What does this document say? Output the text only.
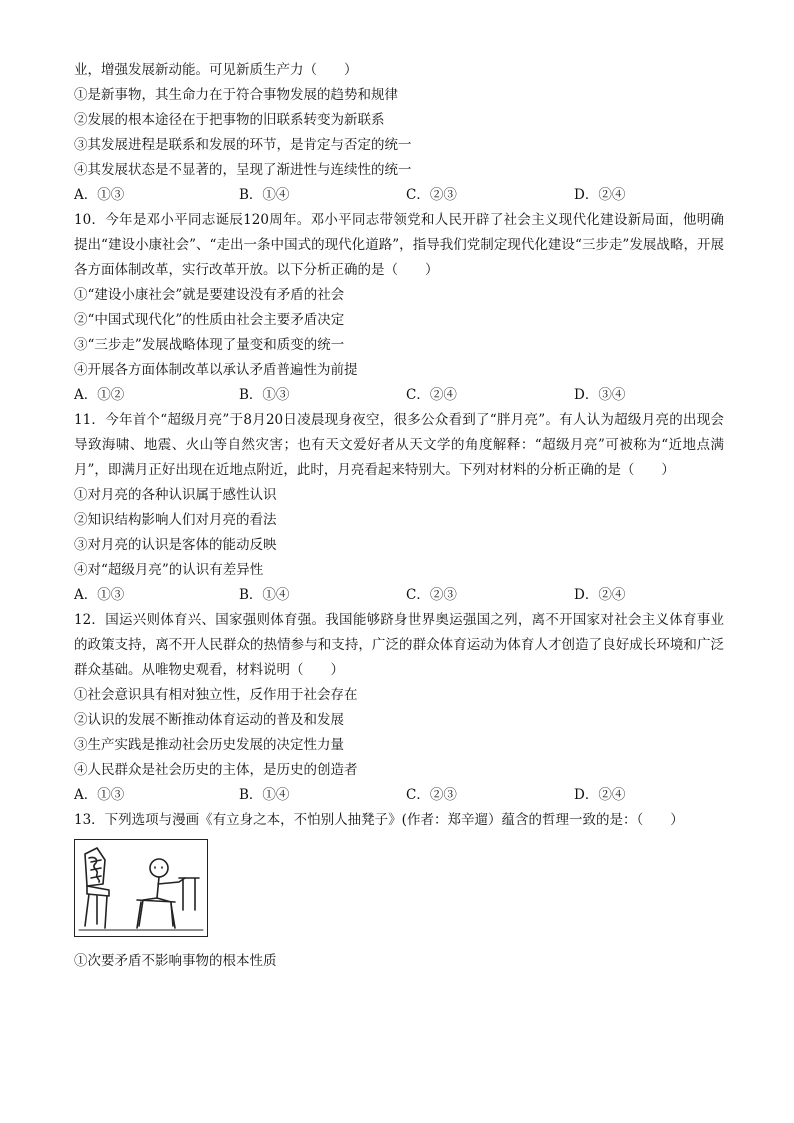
业，增强发展新动能。可见新质生产力（　　）
①是新事物，其生命力在于符合事物发展的趋势和规律
②发展的根本途径在于把事物的旧联系转变为新联系
③其发展进程是联系和发展的环节，是肯定与否定的统一
④其发展状态是不显著的，呈现了渐进性与连续性的统一
A．①③	B．①④	C．②③	D．②④
10．今年是邓小平同志诞辰120周年。邓小平同志带领党和人民开辟了社会主义现代化建设新局面，他明确提出“建设小康社会”、“走出一条中国式的现代化道路”，指导我们党制定现代化建设“三步走”发展战略，开展各方面体制改革，实行改革开放。以下分析正确的是（　　）
①“建设小康社会”就是要建设没有矛盾的社会
②“中国式现代化”的性质由社会主要矛盾决定
③“三步走”发展战略体现了量变和质变的统一
④开展各方面体制改革以承认矛盾普遍性为前提
A．①②	B．①③	C．②④	D．③④
11．今年首个“超级月亮”于8月20日凌晨现身夜空，很多公众看到了“胖月亮”。有人认为超级月亮的出现会导致海啸、地震、火山等自然灾害；也有天文爱好者从天文学的角度解释：“超级月亮”可被称为“近地点满月”，即满月正好出现在近地点附近，此时，月亮看起来特别大。下列对材料的分析正确的是（　　）
①对月亮的各种认识属于感性认识
②知识结构影响人们对月亮的看法
③对月亮的认识是客体的能动反映
④对“超级月亮”的认识有差异性
A．①③	B．①④	C．②③	D．②④
12．国运兴则体育兴、国家强则体育强。我国能够跻身世界奥运强国之列，离不开国家对社会主义体育事业的政策支持，离不开人民群众的热情参与和支持，广泛的群众体育运动为体育人才创造了良好成长环境和广泛群众基础。从唯物史观看，材料说明（　　）
①社会意识具有相对独立性，反作用于社会存在
②认识的发展不断推动体育运动的普及和发展
③生产实践是推动社会历史发展的决定性力量
④人民群众是社会历史的主体，是历史的创造者
A．①③	B．①④	C．②③	D．②④
13．下列选项与漫画《有立身之本，不怕别人抽凳子》(作者：郑辛遛）蕴含的哲理一致的是：（　　）
①次要矛盾不影响事物的根本性质
